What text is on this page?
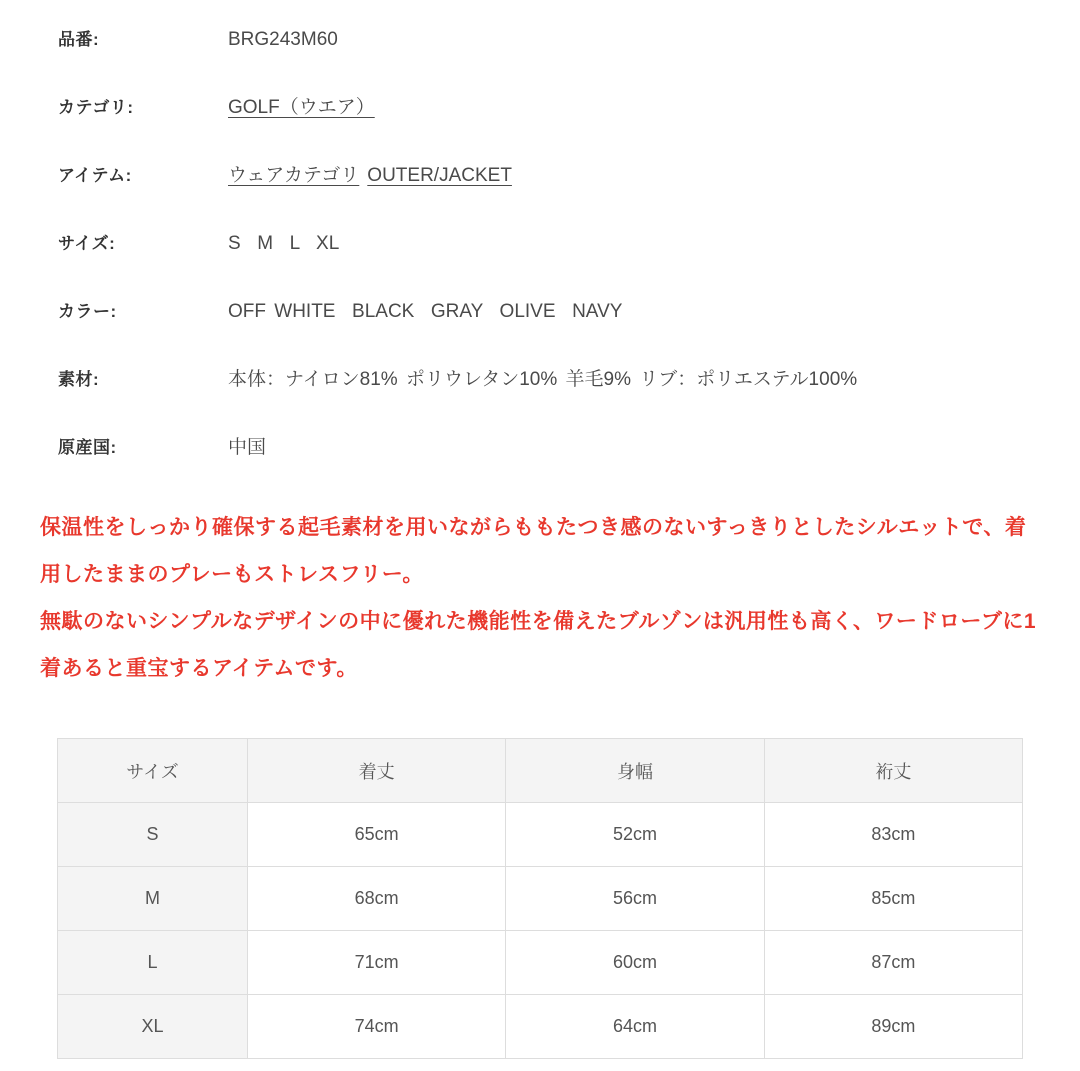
品番:	BRG243M60
カテゴリ:	GOLF（ウエア）
アイテム:	ウェアカテゴリ OUTER/JACKET
サイズ:	S  M  L  XL
カラー:	OFF WHITE  BLACK  GRAY  OLIVE  NAVY
素材:	本体：ナイロン81% ポリウレタン10% 羊毛9% リブ：ポリエステル100%
原産国:	中国

保温性をしっかり確保する起毛素材を用いながらももたつき感のないすっきりとしたシルエットで、着用したままのプレーもストレスフリー。

無駄のないシンプルなデザインの中に優れた機能性を備えたブルゾンは汎用性も高く、ワードローブに1着あると重宝するアイテムです。

サイズ	着丈	身幅	裄丈
S	65cm	52cm	83cm
M	68cm	56cm	85cm
L	71cm	60cm	87cm
XL	74cm	64cm	89cm
